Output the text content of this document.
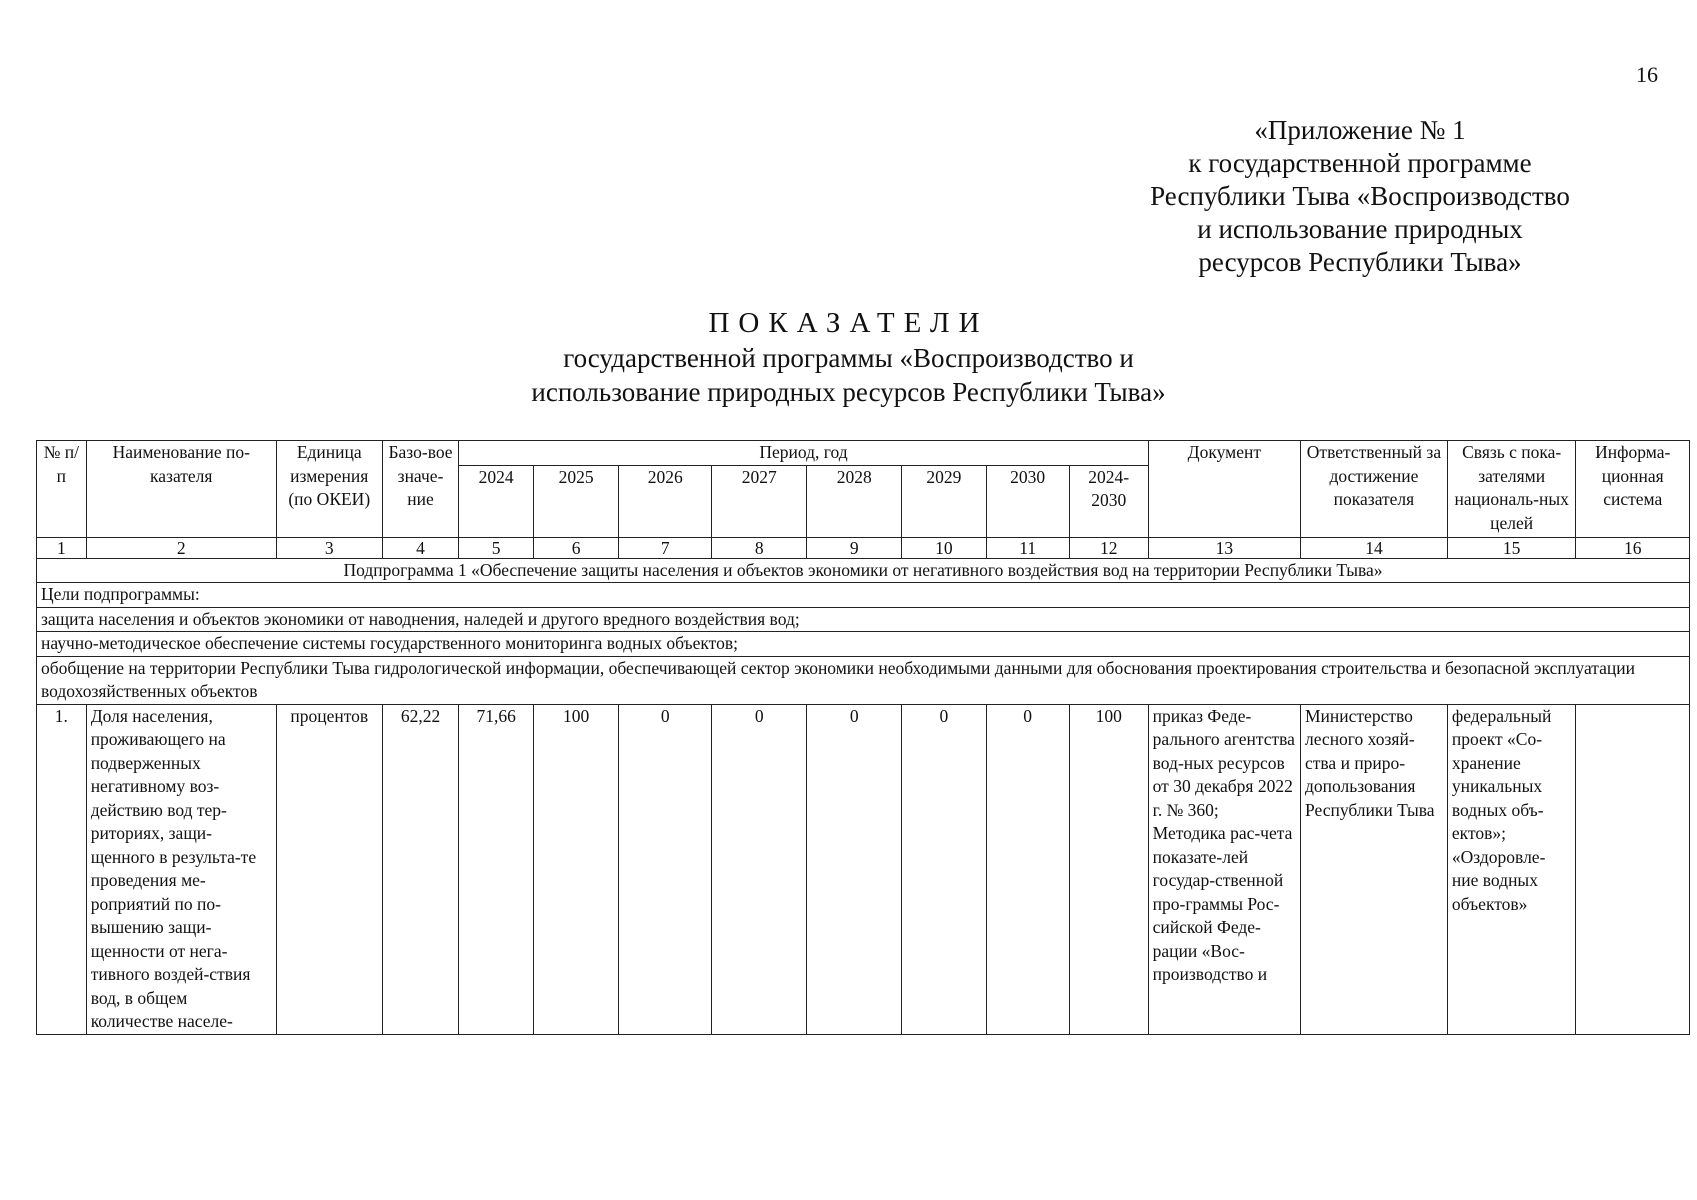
16
«Приложение № 1
к государственной программе
Республики Тыва «Воспроизводство
и использование природных
ресурсов Республики Тыва»
ПОКАЗАТЕЛИ
государственной программы «Воспроизводство и
использование природных ресурсов Республики Тыва»
№ п/п	Наименование по-казателя	Единица измерения (по ОКЕИ)	Базо-вое значе-ние	Период, год								Документ	Ответственный за достижение показателя	Связь с пока-зателями националь-ных целей	Информа-ционная система
				2024	2025	2026	2027	2028	2029	2030	2024-2030				
1	2	3	4	5	6	7	8	9	10	11	12	13	14	15	16
Подпрограмма 1 «Обеспечение защиты населения и объектов экономики от негативного воздействия вод на территории Республики Тыва»															
Цели подпрограммы:															
защита населения и объектов экономики от наводнения, наледей и другого вредного воздействия вод;															
научно-методическое обеспечение системы государственного мониторинга водных объектов;															
обобщение на территории Республики Тыва гидрологической информации, обеспечивающей сектор экономики необходимыми данными для обоснования проектирования строительства и безопасной эксплуатации водохозяйственных объектов															

1.	Доля населения, проживающего на подверженных негативному воз-действию вод тер-риториях, защи-щенного в результа-те проведения ме-роприятий по по-вышению защи-щенности от нега-тивного воздей-ствия вод, в общем количестве населе-	процентов	62,22	71,66	100	0	0	0	0	0	100	приказ Феде-рального агентства вод-ных ресурсов от 30 декабря 2022 г. № 360; Методика рас-чета показате-лей государ-ственной про-граммы Рос-сийской Феде-рации «Вос-производство и	Министерство лесного хозяй-ства и приро-допользования Республики Тыва	федеральный проект «Со-хранение уникальных водных объ-ектов»; «Оздоровле-ние водных объектов»	
